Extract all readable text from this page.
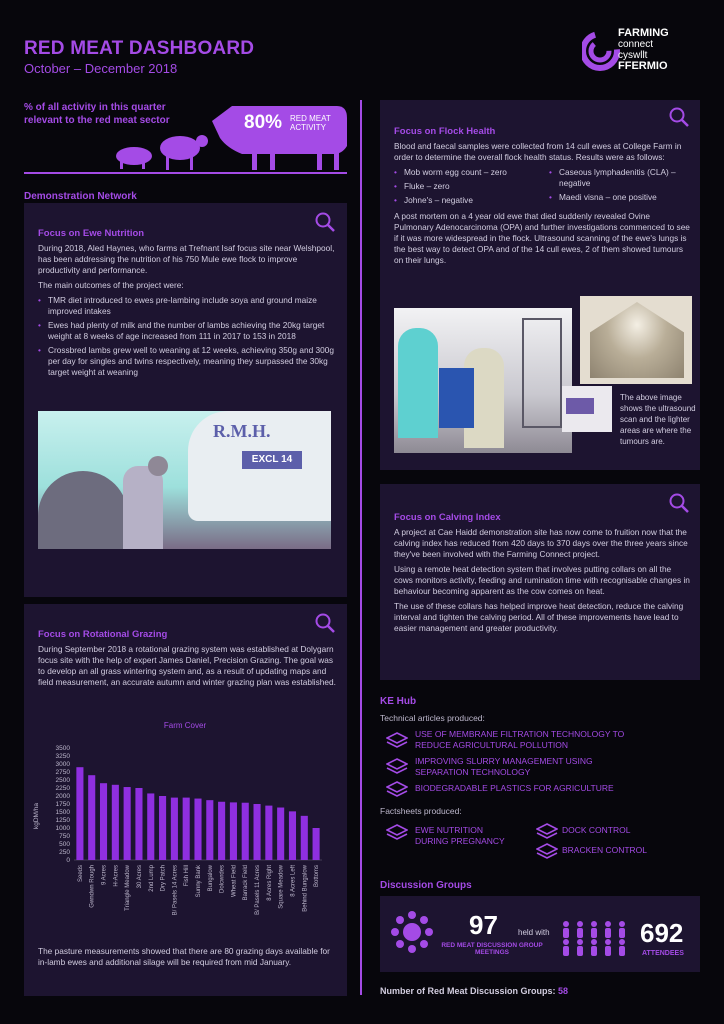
RED MEAT DASHBOARD
October – December 2018
FARMING
connect
cyswllt
FFERMIO
% of all activity in this quarter relevant to the red meat sector	80% RED MEAT
ACTIVITY
Demonstration Network
Focus on Ewe Nutrition

During 2018, Aled Haynes, who farms at Trefnant Isaf focus site near Welshpool, has been addressing the nutrition of his 750 Mule ewe flock to improve productivity and performance.

The main outcomes of the project were:

• TMR diet introduced to ewes pre-lambing include soya and ground maize improved intakes
• Ewes had plenty of milk and the number of lambs achieving the 20kg target weight at 8 weeks of age increased from 111 in 2017 to 153 in 2018
• Crossbred lambs grew well to weaning at 12 weeks, achieving 350g and 300g per day for singles and twins respectively, meaning they surpassed the 30kg target weight at weaning
R.M.H.
EXCL 14
Focus on Rotational Grazing

During September 2018 a rotational grazing system was established at Dolygarn focus site with the help of expert James Daniel, Precision Grazing. The goal was to develop an all grass wintering system and, as a result of updating maps and field measurement, an accurate autumn and winter grazing plan was established.

The pasture measurements showed that there are 80 grazing days available for in-lamb ewes and additional silage will be required from mid January.

Farm Cover
kgDM/ha
0
250
500
750
1000
1250
1500
1750
2000
2250
2500
2750
3000
3250
3500
Seeds Gwndwn Rough 9 Acres H-Acres Triangle Meadow 30 Acres 2nd Lump Dry Patch B/ Pasels 14 Acres Fish Hill Sunny Bank Bungalow Dolcwrdes Wheat Field Barrack Field B/ Pasels 11 Acres 8 Acres Right Square Meadow 8 Acres Left Behind Bungalow Bottoms
Focus on Flock Health

Blood and faecal samples were collected from 14 cull ewes at College Farm in order to determine the overall flock health status. Results were as follows:

• Mob worm egg count – zero
• Fluke – zero
• Johne's – negative
• Caseous lymphadenitis (CLA) – negative
• Maedi visna – one positive

A post mortem on a 4 year old ewe that died suddenly revealed Ovine Pulmonary Adenocarcinoma (OPA) and further investigations commenced to see if it was more widespread in the flock. Ultrasound scanning of the ewe's lungs is the best way to detect OPA and of the 14 cull ewes, 2 of them showed tumours on their lungs.

The above image shows the ultrasound scan and the lighter areas are where the tumours are.

Focus on Calving Index

A project at Cae Haidd demonstration site has now come to fruition now that the calving index has reduced from 420 days to 370 days over the three years since they've been involved with the Farming Connect project.

Using a remote heat detection system that involves putting collars on all the cows monitors activity, feeding and rumination time with recognisable changes in behaviour becoming apparent as the cow comes on heat.

The use of these collars has helped improve heat detection, reduce the calving interval and tighten the calving period. All of these improvements have lead to easier management and greater productivity.

KE Hub
Technical articles produced:
USE OF MEMBRANE FILTRATION TECHNOLOGY TO REDUCE AGRICULTURAL POLLUTION
IMPROVING SLURRY MANAGEMENT USING SEPARATION TECHNOLOGY
BIODEGRADABLE PLASTICS FOR AGRICULTURE
Factsheets produced:
EWE NUTRITION DURING PREGNANCY
DOCK CONTROL
BRACKEN CONTROL
Discussion Groups
97
RED MEAT DISCUSSION GROUP MEETINGS
held with	692
ATTENDEES
Number of Red Meat Discussion Groups: 58
